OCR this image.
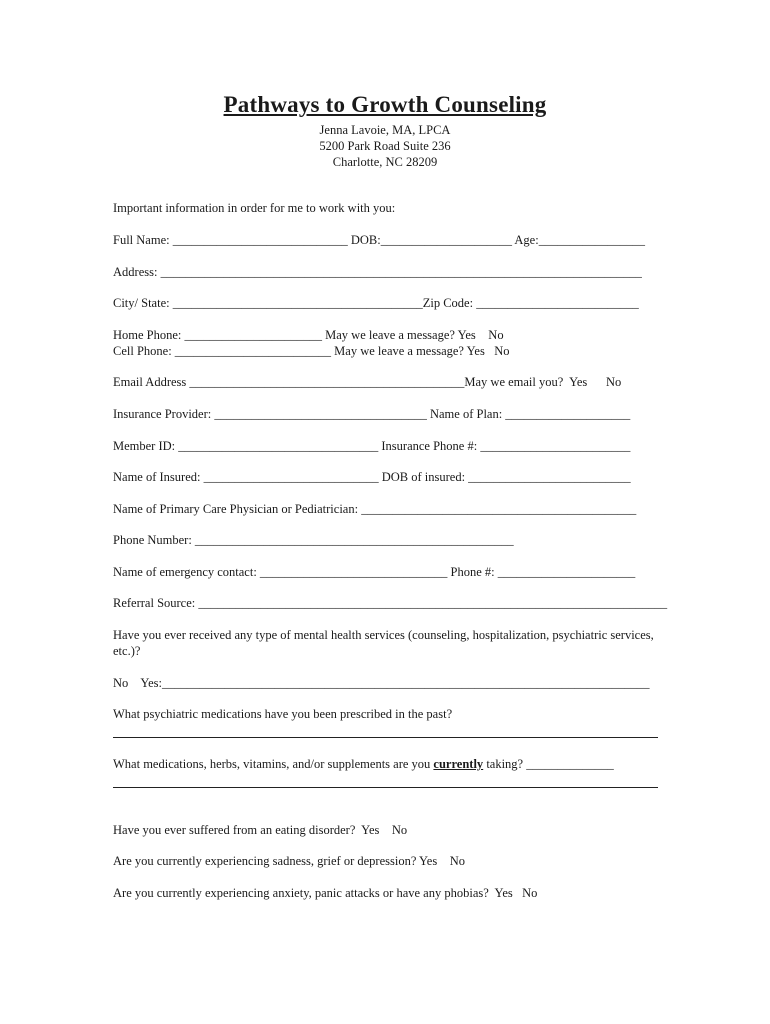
Pathways to Growth Counseling
Jenna Lavoie, MA, LPCA
5200 Park Road Suite 236
Charlotte, NC 28209
Important information in order for me to work with you:
Full Name: ____________________________ DOB:_____________________ Age:_________________
Address: _____________________________________________________________________________
City/ State: ________________________________________Zip Code: __________________________
Home Phone: ______________________ May we leave a message? Yes    No
Cell Phone: _________________________ May we leave a message? Yes   No
Email Address ____________________________________________May we email you?  Yes      No
Insurance Provider: __________________________________ Name of Plan: ____________________
Member ID: ________________________________ Insurance Phone #: ________________________
Name of Insured: ____________________________ DOB of insured: __________________________
Name of Primary Care Physician or Pediatrician: ____________________________________________
Phone Number: ___________________________________________________
Name of emergency contact: ______________________________ Phone #: ______________________
Referral Source: ___________________________________________________________________________
Have you ever received any type of mental health services (counseling, hospitalization, psychiatric services, etc.)?
No    Yes:______________________________________________________________________________
What psychiatric medications have you been prescribed in the past?
What medications, herbs, vitamins, and/or supplements are you currently taking? ______________
Have you ever suffered from an eating disorder?  Yes    No
Are you currently experiencing sadness, grief or depression? Yes    No
Are you currently experiencing anxiety, panic attacks or have any phobias?  Yes   No
